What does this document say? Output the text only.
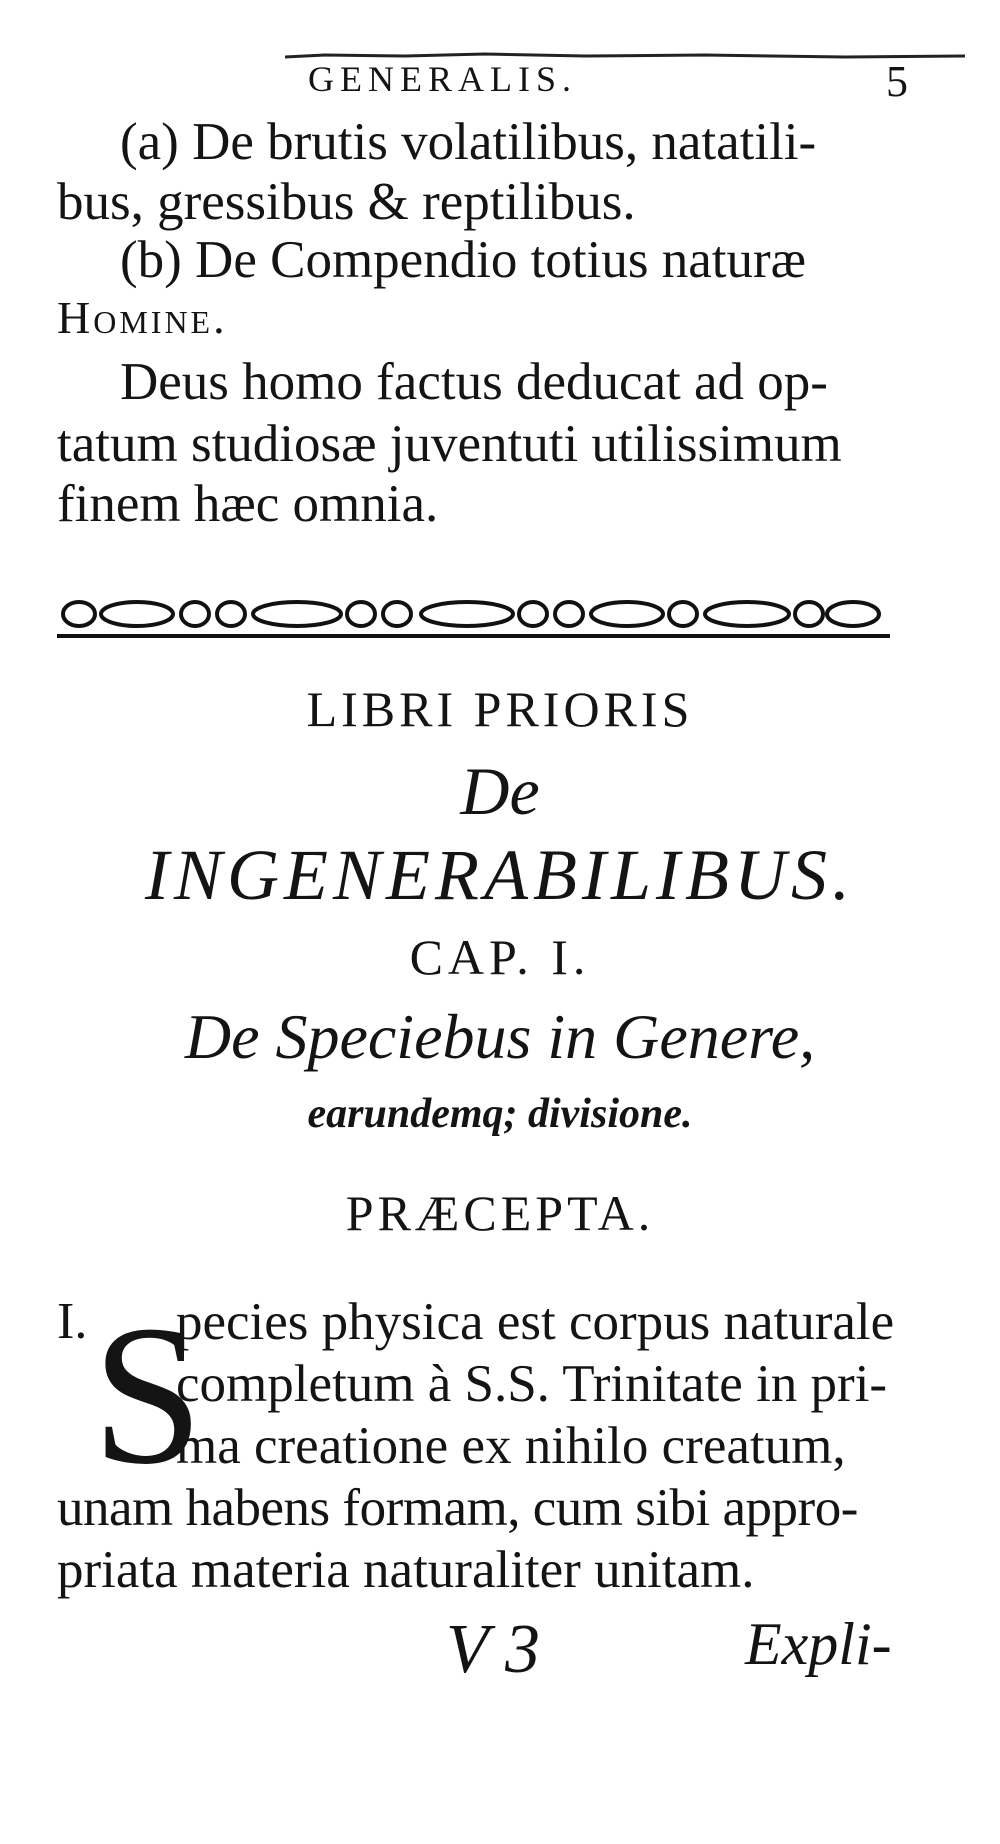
GENERALIS.	5
(a) De brutis volatilibus, natatili-
bus, gressibus & reptilibus.
(b) De Compendio totius naturæ
Homine.
Deus homo factus deducat ad op-
tatum studiosæ juventuti utilissimum
finem hæc omnia.
LIBRI PRIORIS
De
INGENERABILIBUS.
CAP. I.
De Speciebus in Genere,
earundemq; divisione.
PRÆCEPTA.
I. S
pecies physica est corpus naturale
completum à S.S. Trinitate in pri-
ma creatione ex nihilo creatum,
unam habens formam, cum sibi appro-
priata materia naturaliter unitam.
V 3	Expli-
